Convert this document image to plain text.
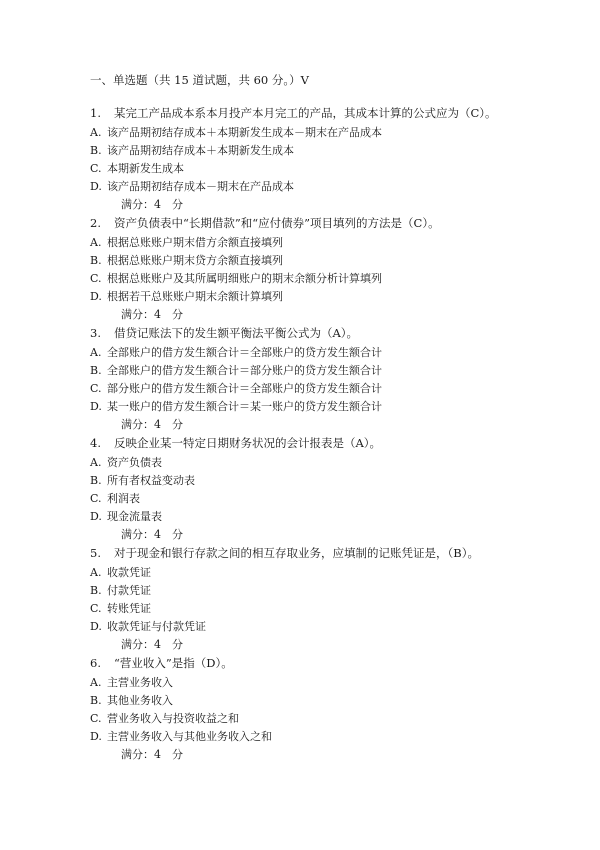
一、单选题（共 15 道试题，共 60 分。）V
1. 某完工产品成本系本月投产本月完工的产品，其成本计算的公式应为（C）。
A. 该产品期初结存成本＋本期新发生成本－期末在产品成本
B. 该产品期初结存成本＋本期新发生成本
C. 本期新发生成本
D. 该产品期初结存成本－期末在产品成本
满分：4　分
2. 资产负债表中“长期借款”和“应付债券”项目填列的方法是（C）。
A. 根据总账账户期末借方余额直接填列
B. 根据总账账户期末贷方余额直接填列
C. 根据总账账户及其所属明细账户的期末余额分析计算填列
D. 根据若干总账账户期末余额计算填列
满分：4　分
3. 借贷记账法下的发生额平衡法平衡公式为（A）。
A. 全部账户的借方发生额合计＝全部账户的贷方发生额合计
B. 全部账户的借方发生额合计＝部分账户的贷方发生额合计
C. 部分账户的借方发生额合计＝全部账户的贷方发生额合计
D. 某一账户的借方发生额合计＝某一账户的贷方发生额合计
满分：4　分
4. 反映企业某一特定日期财务状况的会计报表是（A）。
A. 资产负债表
B. 所有者权益变动表
C. 利润表
D. 现金流量表
满分：4　分
5. 对于现金和银行存款之间的相互存取业务，应填制的记账凭证是，（B）。
A. 收款凭证
B. 付款凭证
C. 转账凭证
D. 收款凭证与付款凭证
满分：4　分
6. “营业收入”是指（D）。
A. 主营业务收入
B. 其他业务收入
C. 营业务收入与投资收益之和
D. 主营业务收入与其他业务收入之和
满分：4　分
